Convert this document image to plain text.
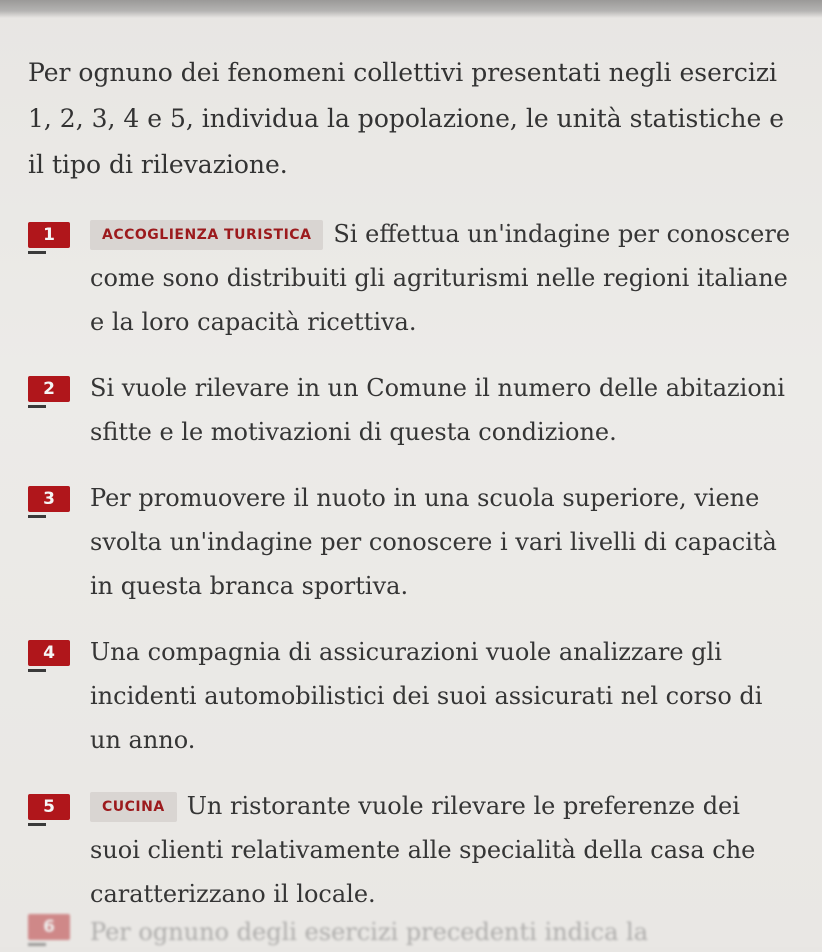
Per ognuno dei fenomeni collettivi presentati negli esercizi 1, 2, 3, 4 e 5, individua la popolazione, le unità statistiche e il tipo di rilevazione.

1	ACCOGLIENZA TURISTICA Si effettua un'indagine per conoscere come sono distribuiti gli agriturismi nelle regioni italiane e la loro capacità ricettiva.

2	Si vuole rilevare in un Comune il numero delle abitazioni sfitte e le motivazioni di questa condizione.

3	Per promuovere il nuoto in una scuola superiore, viene svolta un'indagine per conoscere i vari livelli di capacità in questa branca sportiva.

4	Una compagnia di assicurazioni vuole analizzare gli incidenti automobilistici dei suoi assicurati nel corso di un anno.

5	CUCINA Un ristorante vuole rilevare le preferenze dei suoi clienti relativamente alle specialità della casa che caratterizzano il locale.

6	Per ognuno degli esercizi precedenti indica la
